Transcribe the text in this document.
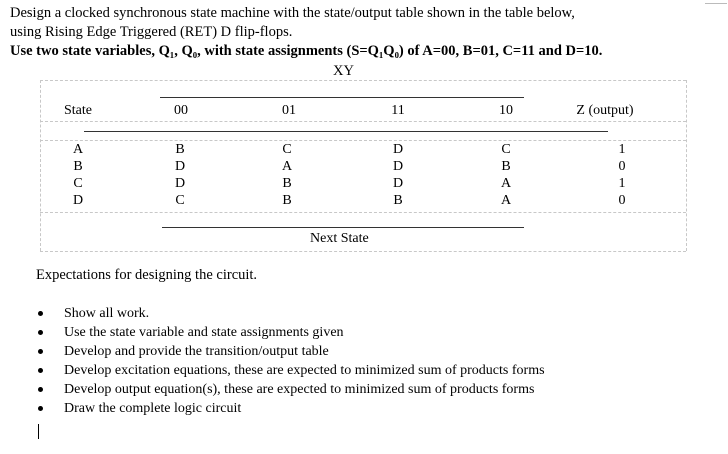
Design a clocked synchronous state machine with the state/output table shown in the table below,
using Rising Edge Triggered (RET) D flip-flops.
Use two state variables, Q₁, Q₀, with state assignments (S=Q₁Q₀) of A=00, B=01, C=11 and D=10.
XY
State	00	01	11	10	Z (output)
A	B	C	D	C	1
B	D	A	D	B	0
C	D	B	D	A	1
D	C	B	B	A	0
Next State
Expectations for designing the circuit.
Show all work.
Use the state variable and state assignments given
Develop and provide the transition/output table
Develop excitation equations, these are expected to minimized sum of products forms
Develop output equation(s), these are expected to minimized sum of products forms
Draw the complete logic circuit
